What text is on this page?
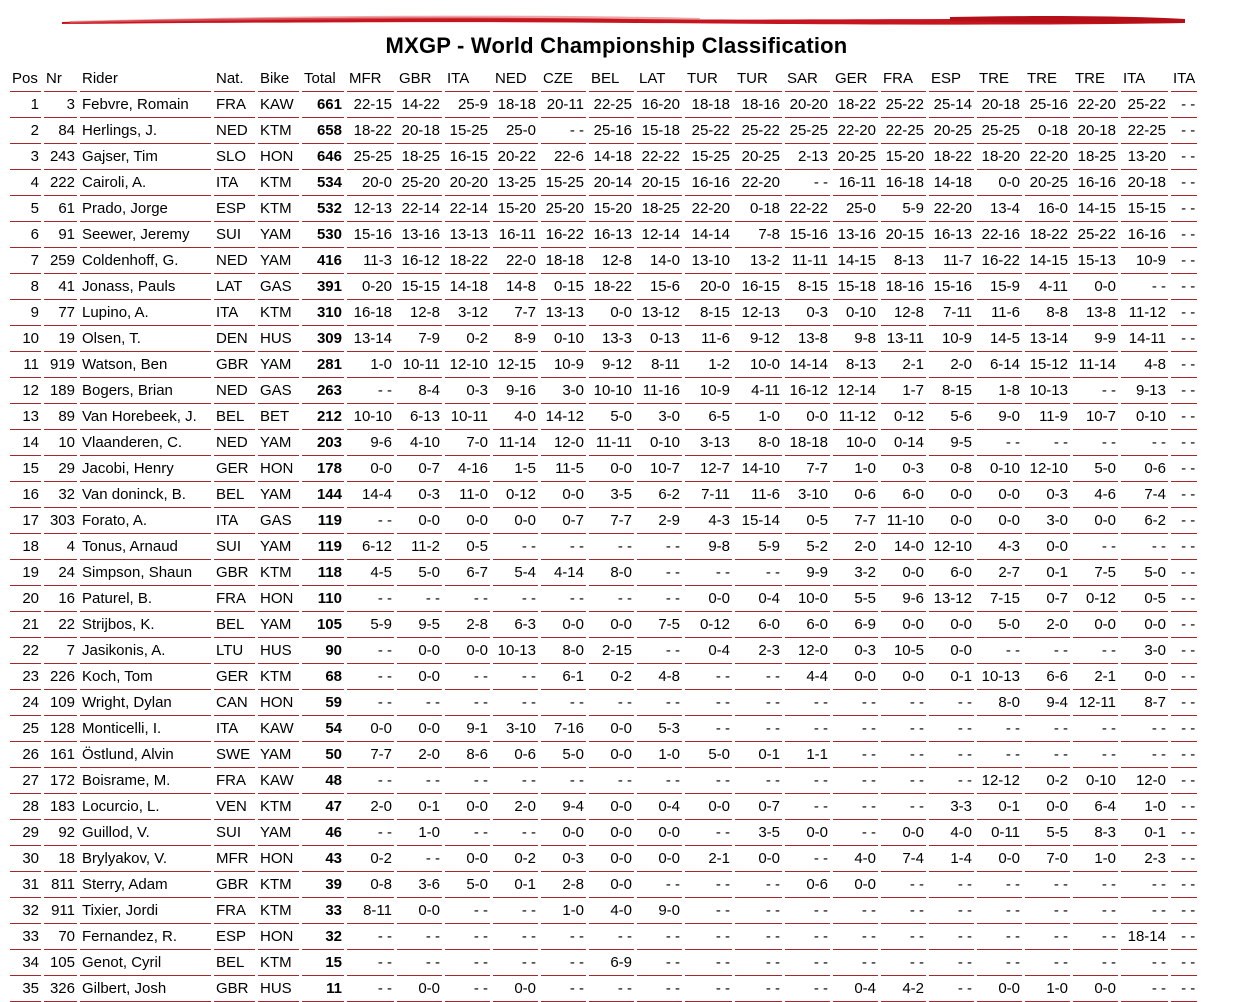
MXGP - World Championship Classification
Pos	Nr	Rider	Nat.	Bike	Total	MFR	GBR	ITA	NED	CZE	BEL	LAT	TUR	TUR	SAR	GER	FRA	ESP	TRE	TRE	TRE	ITA	ITA
1	3	Febvre, Romain	FRA	KAW	661	22-15	14-22	25-9	18-18	20-11	22-25	16-20	18-18	18-16	20-20	18-22	25-22	25-14	20-18	25-16	22-20	25-22	- -
2	84	Herlings, J.	NED	KTM	658	18-22	20-18	15-25	25-0	- -	25-16	15-18	25-22	25-22	25-25	22-20	22-25	20-25	25-25	0-18	20-18	22-25	- -
3	243	Gajser, Tim	SLO	HON	646	25-25	18-25	16-15	20-22	22-6	14-18	22-22	15-25	20-25	2-13	20-25	15-20	18-22	18-20	22-20	18-25	13-20	- -
4	222	Cairoli, A.	ITA	KTM	534	20-0	25-20	20-20	13-25	15-25	20-14	20-15	16-16	22-20	- -	16-11	16-18	14-18	0-0	20-25	16-16	20-18	- -
5	61	Prado, Jorge	ESP	KTM	532	12-13	22-14	22-14	15-20	25-20	15-20	18-25	22-20	0-18	22-22	25-0	5-9	22-20	13-4	16-0	14-15	15-15	- -
6	91	Seewer, Jeremy	SUI	YAM	530	15-16	13-16	13-13	16-11	16-22	16-13	12-14	14-14	7-8	15-16	13-16	20-15	16-13	22-16	18-22	25-22	16-16	- -
7	259	Coldenhoff, G.	NED	YAM	416	11-3	16-12	18-22	22-0	18-18	12-8	14-0	13-10	13-2	11-11	14-15	8-13	11-7	16-22	14-15	15-13	10-9	- -
8	41	Jonass, Pauls	LAT	GAS	391	0-20	15-15	14-18	14-8	0-15	18-22	15-6	20-0	16-15	8-15	15-18	18-16	15-16	15-9	4-11	0-0	- -	- -
9	77	Lupino, A.	ITA	KTM	310	16-18	12-8	3-12	7-7	13-13	0-0	13-12	8-15	12-13	0-3	0-10	12-8	7-11	11-6	8-8	13-8	11-12	- -
10	19	Olsen, T.	DEN	HUS	309	13-14	7-9	0-2	8-9	0-10	13-3	0-13	11-6	9-12	13-8	9-8	13-11	10-9	14-5	13-14	9-9	14-11	- -
11	919	Watson, Ben	GBR	YAM	281	1-0	10-11	12-10	12-15	10-9	9-12	8-11	1-2	10-0	14-14	8-13	2-1	2-0	6-14	15-12	11-14	4-8	- -
12	189	Bogers, Brian	NED	GAS	263	- -	8-4	0-3	9-16	3-0	10-10	11-16	10-9	4-11	16-12	12-14	1-7	8-15	1-8	10-13	- -	9-13	- -
13	89	Van Horebeek, J.	BEL	BET	212	10-10	6-13	10-11	4-0	14-12	5-0	3-0	6-5	1-0	0-0	11-12	0-12	5-6	9-0	11-9	10-7	0-10	- -
14	10	Vlaanderen, C.	NED	YAM	203	9-6	4-10	7-0	11-14	12-0	11-11	0-10	3-13	8-0	18-18	10-0	0-14	9-5	- -	- -	- -	- -	- -
15	29	Jacobi, Henry	GER	HON	178	0-0	0-7	4-16	1-5	11-5	0-0	10-7	12-7	14-10	7-7	1-0	0-3	0-8	0-10	12-10	5-0	0-6	- -
16	32	Van doninck, B.	BEL	YAM	144	14-4	0-3	11-0	0-12	0-0	3-5	6-2	7-11	11-6	3-10	0-6	6-0	0-0	0-0	0-3	4-6	7-4	- -
17	303	Forato, A.	ITA	GAS	119	- -	0-0	0-0	0-0	0-7	7-7	2-9	4-3	15-14	0-5	7-7	11-10	0-0	0-0	3-0	0-0	6-2	- -
18	4	Tonus, Arnaud	SUI	YAM	119	6-12	11-2	0-5	- -	- -	- -	- -	9-8	5-9	5-2	2-0	14-0	12-10	4-3	0-0	- -	- -	- -
19	24	Simpson, Shaun	GBR	KTM	118	4-5	5-0	6-7	5-4	4-14	8-0	- -	- -	- -	9-9	3-2	0-0	6-0	2-7	0-1	7-5	5-0	- -
20	16	Paturel, B.	FRA	HON	110	- -	- -	- -	- -	- -	- -	- -	0-0	0-4	10-0	5-5	9-6	13-12	7-15	0-7	0-12	0-5	- -
21	22	Strijbos, K.	BEL	YAM	105	5-9	9-5	2-8	6-3	0-0	0-0	7-5	0-12	6-0	6-0	6-9	0-0	0-0	5-0	2-0	0-0	0-0	- -
22	7	Jasikonis, A.	LTU	HUS	90	- -	0-0	0-0	10-13	8-0	2-15	- -	0-4	2-3	12-0	0-3	10-5	0-0	- -	- -	- -	3-0	- -
23	226	Koch, Tom	GER	KTM	68	- -	0-0	- -	- -	6-1	0-2	4-8	- -	- -	4-4	0-0	0-0	0-1	10-13	6-6	2-1	0-0	- -
24	109	Wright, Dylan	CAN	HON	59	- -	- -	- -	- -	- -	- -	- -	- -	- -	- -	- -	- -	- -	8-0	9-4	12-11	8-7	- -
25	128	Monticelli, I.	ITA	KAW	54	0-0	0-0	9-1	3-10	7-16	0-0	5-3	- -	- -	- -	- -	- -	- -	- -	- -	- -	- -	- -
26	161	Östlund, Alvin	SWE	YAM	50	7-7	2-0	8-6	0-6	5-0	0-0	1-0	5-0	0-1	1-1	- -	- -	- -	- -	- -	- -	- -	- -
27	172	Boisrame, M.	FRA	KAW	48	- -	- -	- -	- -	- -	- -	- -	- -	- -	- -	- -	- -	- -	12-12	0-2	0-10	12-0	- -
28	183	Locurcio, L.	VEN	KTM	47	2-0	0-1	0-0	2-0	9-4	0-0	0-4	0-0	0-7	- -	- -	- -	3-3	0-1	0-0	6-4	1-0	- -
29	92	Guillod, V.	SUI	YAM	46	- -	1-0	- -	- -	0-0	0-0	0-0	- -	3-5	0-0	- -	0-0	4-0	0-11	5-5	8-3	0-1	- -
30	18	Brylyakov, V.	MFR	HON	43	0-2	- -	0-0	0-2	0-3	0-0	0-0	2-1	0-0	- -	4-0	7-4	1-4	0-0	7-0	1-0	2-3	- -
31	811	Sterry, Adam	GBR	KTM	39	0-8	3-6	5-0	0-1	2-8	0-0	- -	- -	- -	0-6	0-0	- -	- -	- -	- -	- -	- -	- -
32	911	Tixier, Jordi	FRA	KTM	33	8-11	0-0	- -	- -	1-0	4-0	9-0	- -	- -	- -	- -	- -	- -	- -	- -	- -	- -	- -
33	70	Fernandez, R.	ESP	HON	32	- -	- -	- -	- -	- -	- -	- -	- -	- -	- -	- -	- -	- -	- -	- -	- -	18-14	- -
34	105	Genot, Cyril	BEL	KTM	15	- -	- -	- -	- -	- -	6-9	- -	- -	- -	- -	- -	- -	- -	- -	- -	- -	- -	- -
35	326	Gilbert, Josh	GBR	HUS	11	- -	0-0	- -	0-0	- -	- -	- -	- -	- -	- -	0-4	4-2	- -	0-0	1-0	0-0	- -	- -
